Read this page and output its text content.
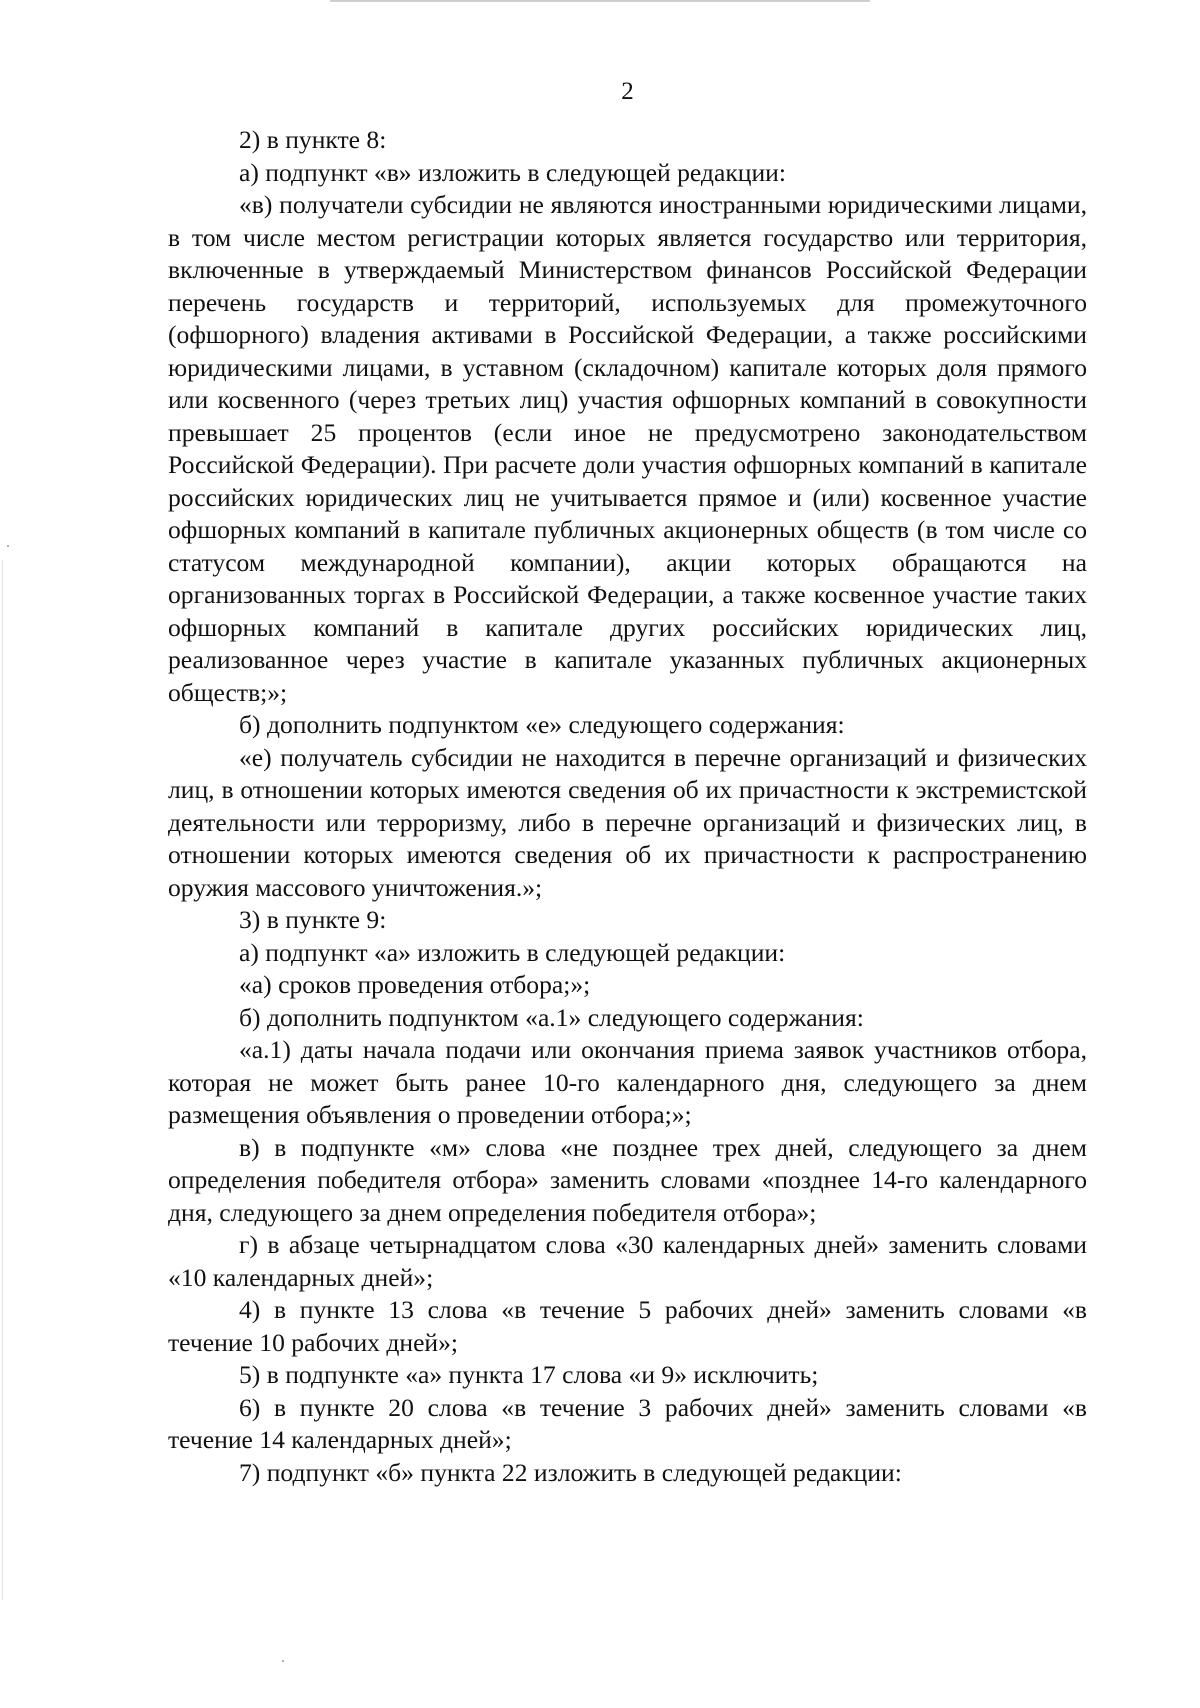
2

2) в пункте 8:

а) подпункт «в» изложить в следующей редакции:

«в) получатели субсидии не являются иностранными юридическими лицами, в том числе местом регистрации которых является государство или территория, включенные в утверждаемый Министерством финансов Российской Федерации перечень государств и территорий, используемых для промежуточного (офшорного) владения активами в Российской Федерации, а также российскими юридическими лицами, в уставном (складочном) капитале которых доля прямого или косвенного (через третьих лиц) участия офшорных компаний в совокупности превышает 25 процентов (если иное не предусмотрено законодательством Российской Федерации). При расчете доли участия офшорных компаний в капитале российских юридических лиц не учитывается прямое и (или) косвенное участие офшорных компаний в капитале публичных акционерных обществ (в том числе со статусом международной компании), акции которых обращаются на организованных торгах в Российской Федерации, а также косвенное участие таких офшорных компаний в капитале других российских юридических лиц, реализованное через участие в капитале указанных публичных акционерных обществ;»;

б) дополнить подпунктом «е» следующего содержания:

«е) получатель субсидии не находится в перечне организаций и физических лиц, в отношении которых имеются сведения об их причастности к экстремистской деятельности или терроризму, либо в перечне организаций и физических лиц, в отношении которых имеются сведения об их причастности к распространению оружия массового уничтожения.»;

3) в пункте 9:

а) подпункт «а» изложить в следующей редакции:

«а) сроков проведения отбора;»;

б) дополнить подпунктом «а.1» следующего содержания:

«а.1) даты начала подачи или окончания приема заявок участников отбора, которая не может быть ранее 10-го календарного дня, следующего за днем размещения объявления о проведении отбора;»;

в) в подпункте «м» слова «не позднее трех дней, следующего за днем определения победителя отбора» заменить словами «позднее 14-го календарного дня, следующего за днем определения победителя отбора»;

г) в абзаце четырнадцатом слова «30 календарных дней» заменить словами «10 календарных дней»;

4) в пункте 13 слова «в течение 5 рабочих дней» заменить словами «в течение 10 рабочих дней»;

5) в подпункте «а» пункта 17 слова «и 9» исключить;

6) в пункте 20 слова «в течение 3 рабочих дней» заменить словами «в течение 14 календарных дней»;

7) подпункт «б» пункта 22 изложить в следующей редакции:
